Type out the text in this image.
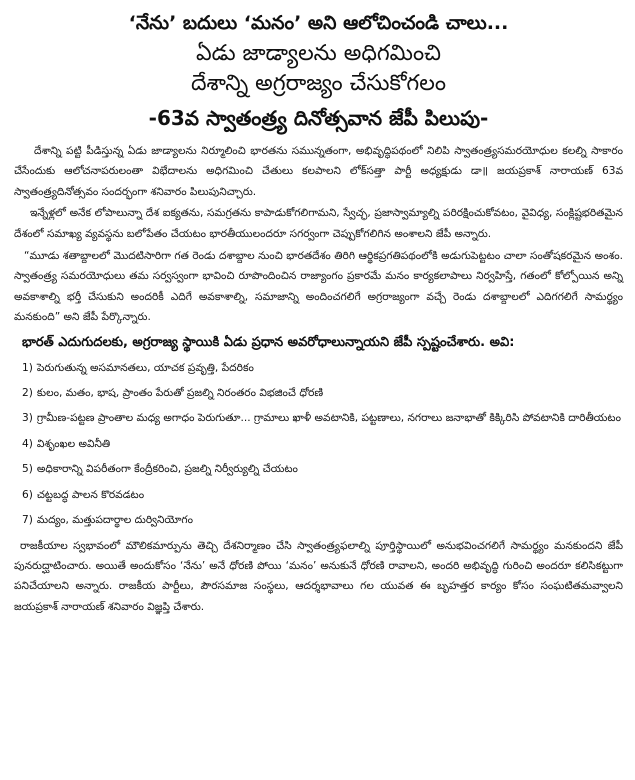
‘నేను’ బదులు ‘మనం’ అని ఆలోచించండి చాలు...
ఏడు జాడ్యాలను అధిగమించి
దేశాన్ని అగ్రరాజ్యం చేసుకోగలం
-63వ స్వాతంత్ర్య దినోత్సవాన జేపీ పిలుపు-

దేశాన్ని పట్టి పీడిస్తున్న ఏడు జాడ్యాలను నిర్మూలించి భారతను సమున్నతంగా, అభివృద్ధిపథంలో నిలిపి స్వాతంత్ర్యసమరయోధుల కలల్ని సాకారం చేసేందుకు ఆలోచనాపరులంతా విభేదాలను అధిగమించి చేతులు కలపాలని లోక్‌సత్తా పార్టీ అధ్యక్షుడు డా॥ జయప్రకాశ్ నారాయణ్ 63వ స్వాతంత్ర్యదినోత్సవం సందర్భంగా శనివారం పిలుపునిచ్చారు.

ఇన్నేళ్లలో అనేక లోపాలున్నా దేశ ఐక్యతను, సమగ్రతను కాపాడుకోగలిగామని, స్వేచ్ఛ, ప్రజాస్వామ్యాల్ని పరిరక్షించుకోవటం, వైవిధ్య, సంక్లిష్టభరితమైన దేశంలో సమాఖ్య వ్యవస్థను బలోపేతం చేయటం భారతీయులందరూ సగర్వంగా చెప్పుకోగలిగిన అంశాలని జేపీ అన్నారు.

“మూడు శతాబ్దాలలో మొదటిసారిగా గత రెండు దశాబ్దాల నుంచి భారతదేశం తిరిగి ఆర్థికప్రగతిపథంలోకి అడుగుపెట్టటం చాలా సంతోషకరమైన అంశం. స్వాతంత్ర్య సమరయోధులు తమ సర్వస్వంగా భావించి రూపొందించిన రాజ్యాంగం ప్రకారమే మనం కార్యకలాపాలు నిర్వహిస్తే, గతంలో కోల్పోయిన అన్ని అవకాశాల్ని భర్తీ చేసుకుని అందరికీ ఎదిగే అవకాశాల్ని, సమాజాన్ని అందించగలిగే అగ్రరాజ్యంగా వచ్చే రెండు దశాబ్దాలలో ఎదిగగలిగే సామర్థ్యం మనకుంది” అని జేపీ పేర్కొన్నారు.

భారత్ ఎదుగుదలకు, అగ్రరాజ్య స్థాయికి ఏడు ప్రధాన అవరోధాలున్నాయని జేపీ స్పష్టంచేశారు. అవి:
1) పెరుగుతున్న అసమానతలు, యాచక ప్రవృత్తి, పేదరికం
2) కులం, మతం, భాష, ప్రాంతం పేరుతో ప్రజల్ని నిరంతరం విభజించే ధోరణి
3) గ్రామీణ-పట్టణ ప్రాంతాల మధ్య అగాధం పెరుగుతూ... గ్రామాలు ఖాళీ అవటానికి, పట్టణాలు, నగరాలు జనాభాతో కిక్కిరిసి పోవటానికి దారితీయటం
4) విశృంఖల అవినీతి
5) అధికారాన్ని విపరీతంగా కేంద్రీకరించి, ప్రజల్ని నిర్వీర్యుల్ని చేయటం
6) చట్టబద్ధ పాలన కొరవడటం
7) మద్యం, మత్తుపదార్థాల దుర్వినియోగం

రాజకీయాల స్వభావంలో మౌలికమార్పును తెచ్చి దేశనిర్మాణం చేసి స్వాతంత్ర్యఫలాల్ని పూర్తిస్థాయిలో అనుభవించగలిగే సామర్థ్యం మనకుందని జేపీ పునరుద్ఘాటించారు. అయితే అందుకోసం ‘నేను’ అనే ధోరణి పోయి ‘మనం’ అనుకునే ధోరణి రావాలని, అందరి అభివృద్ధి గురించి అందరూ కలిసికట్టుగా పనిచేయాలని అన్నారు. రాజకీయ పార్టీలు, పౌరసమాజ సంస్థలు, ఆదర్శభావాలు గల యువత ఈ బృహత్తర కార్యం కోసం సంఘటితమవ్వాలని జయప్రకాశ్ నారాయణ్ శనివారం విజ్ఞప్తి చేశారు.
